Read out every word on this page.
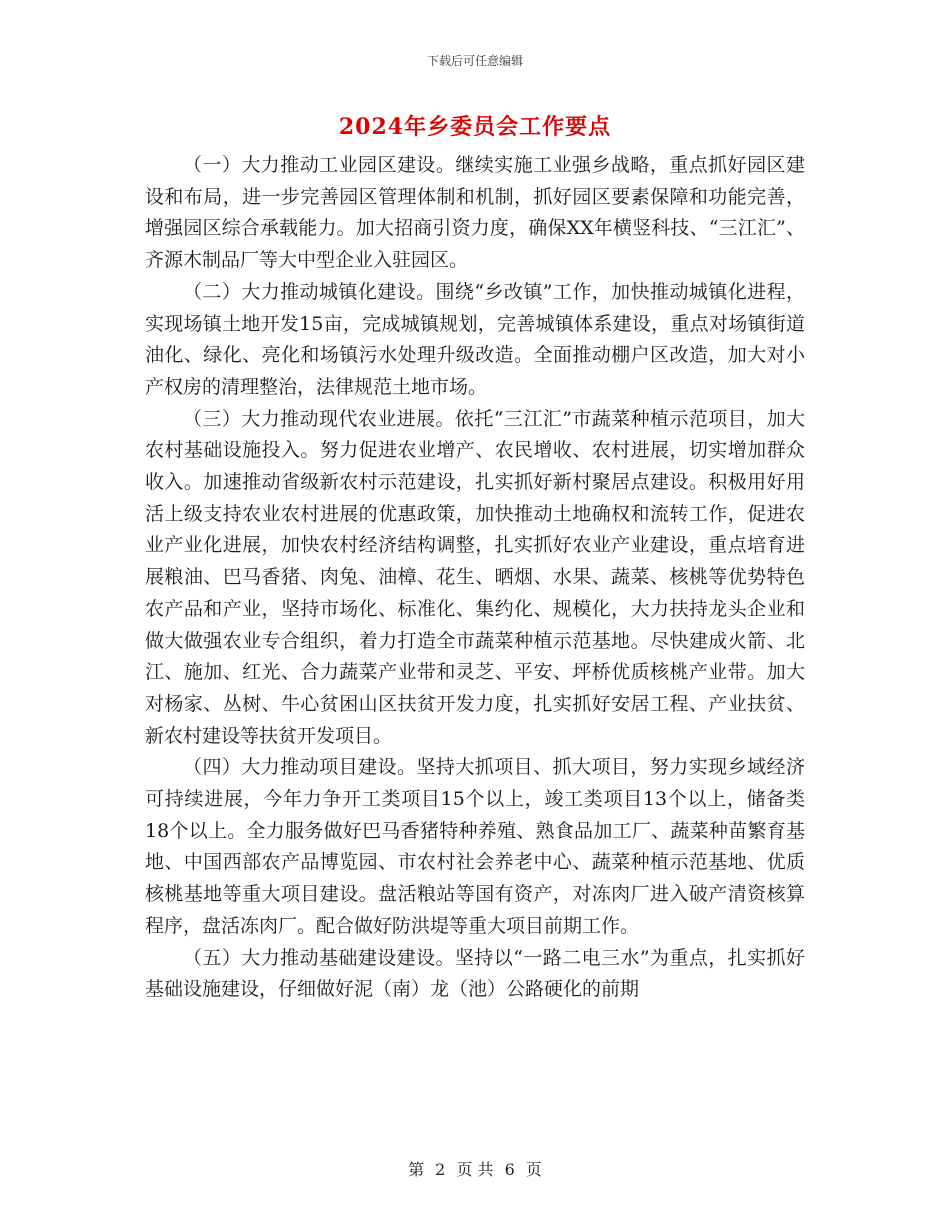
下载后可任意编辑
2024年乡委员会工作要点

（一）大力推动工业园区建设。继续实施工业强乡战略，重点抓好园区建设和布局，进一步完善园区管理体制和机制，抓好园区要素保障和功能完善，增强园区综合承载能力。加大招商引资力度，确保XX年横竖科技、“三江汇”、齐源木制品厂等大中型企业入驻园区。

（二）大力推动城镇化建设。围绕“乡改镇”工作，加快推动城镇化进程，实现场镇土地开发15亩，完成城镇规划，完善城镇体系建设，重点对场镇街道油化、绿化、亮化和场镇污水处理升级改造。全面推动棚户区改造，加大对小产权房的清理整治，法律规范土地市场。

（三）大力推动现代农业进展。依托“三江汇”市蔬菜种植示范项目，加大农村基础设施投入。努力促进农业增产、农民增收、农村进展，切实增加群众收入。加速推动省级新农村示范建设，扎实抓好新村聚居点建设。积极用好用活上级支持农业农村进展的优惠政策，加快推动土地确权和流转工作，促进农业产业化进展，加快农村经济结构调整，扎实抓好农业产业建设，重点培育进展粮油、巴马香猪、肉兔、油樟、花生、晒烟、水果、蔬菜、核桃等优势特色农产品和产业，坚持市场化、标准化、集约化、规模化，大力扶持龙头企业和做大做强农业专合组织，着力打造全市蔬菜种植示范基地。尽快建成火箭、北江、施加、红光、合力蔬菜产业带和灵芝、平安、坪桥优质核桃产业带。加大对杨家、丛树、牛心贫困山区扶贫开发力度，扎实抓好安居工程、产业扶贫、新农村建设等扶贫开发项目。

（四）大力推动项目建设。坚持大抓项目、抓大项目，努力实现乡域经济可持续进展，今年力争开工类项目15个以上，竣工类项目13个以上，储备类18个以上。全力服务做好巴马香猪特种养殖、熟食品加工厂、蔬菜种苗繁育基地、中国西部农产品博览园、市农村社会养老中心、蔬菜种植示范基地、优质核桃基地等重大项目建设。盘活粮站等国有资产，对冻肉厂进入破产清资核算程序，盘活冻肉厂。配合做好防洪堤等重大项目前期工作。

（五）大力推动基础建设建设。坚持以“一路二电三水”为重点，扎实抓好基础设施建设，仔细做好泥（南）龙（池）公路硬化的前期

第 2 页 共 6 页
